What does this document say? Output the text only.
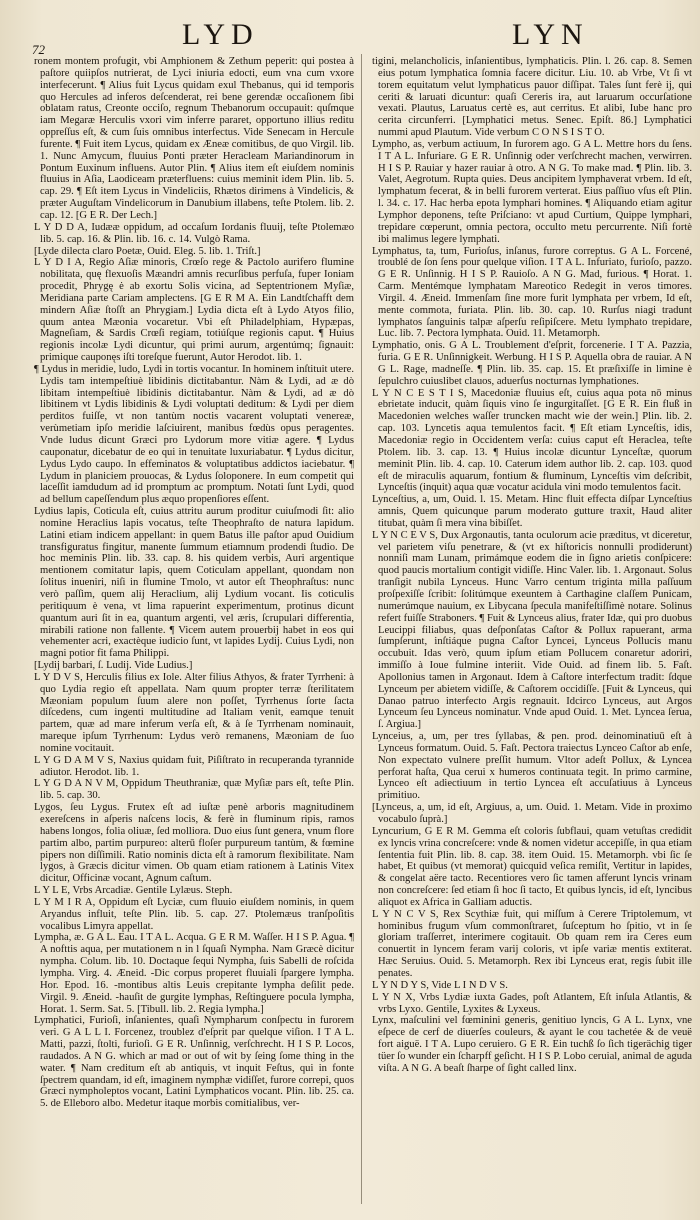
72	LYD	LYN

ronem montem profugit, vbi Amphionem & Zethum peperit: qui postea à paſtore quiipſos nutrierat, de Lyci iniuria edocti, eum vna cum vxore interfecerunt. ¶ Alius fuit Lycus quidam exul Thebanus, qui id temporis quo Hercules ad inferos deſcenderat, rei bene gerendæ occaſionem ſibi oblatam ratus, Creonte occiſo, regnum Thebanorum occupauit: quſmque iam Megaræ Herculis vxori vim inferre pararet, opportuno illius reditu oppreſſus eſt, & cum ſuis omnibus interfectus. Vide Senecam in Hercule furente. ¶ Fuit item Lycus, quidam ex Æneæ comitibus, de quo Virgil. lib. 1. Nunc Amycum, fluuius Ponti præter Heracleam Mariandinorum in Pontum Euxinum influens. Autor Plin. ¶ Alius item eſt eiuſdem nominis fluuius in Aſia, Laodiceam præterfluens: cuius meminit idem Plin. lib. 5. cap. 29. ¶ Eſt item Lycus in Vindeliciis, Rhætos dirimens à Vindelicis, & præter Auguſtam Vindelicorum in Danubium illabens, teſte Ptolem. lib. 2. cap. 12. [G E R. Der Lech.]

L Y D D A, Iudææ oppidum, ad occaſum Iordanis fluuij, teſte Ptolemæo lib. 5. cap. 16. & Plin. lib. 16. c. 14. Vulgò Rama.

[Lyde dilecta claro Poetæ, Ouid. Eleg. 5. lib. 1. Triſt.]

L Y D I A, Regio Aſiæ minoris, Crœſo rege & Pactolo aurifero flumine nobilitata, quę flexuoſis Mæandri amnis recurſibus perfuſa, fuper Ioniam procedit, Phrygę ė ab exortu Solis vicina, ad Septentrionem Myſiæ, Meridiana parte Cariam amplectens. [G E R M A. Ein Landtſchafft dem mindern Aſiæ ſtoſſt an Phrygiam.] Lydia dicta eſt à Lydo Atyos filio, quum antea Mæonia vocaretur. Vbi eſt Philadelphiam, Hypæpas, Magneſiam, & Sardis Crœſi regiam, totiúſque regionis caput. ¶ Huius regionis incolæ Lydi dicuntur, qui primi aurum, argentúmq; ſignauit: primique cauponęs iſti toreſque fuerunt, Autor Herodot. lib. 1.

¶ Lydus in meridie, ludo, Lydi in tortis vocantur. In hominem inſtituit utere. Lydis tam intempeſtiuè libidinis dictitabantur. Nàm & Lydi, ad æ dò libitam intempeſtiuè libidinis dictitabantur. Nàm & Lydi, ad æ dò libitinem vt Lydis libidinis & Lydi voluptati deditum: & Lydi per diem perditos fuiſſe, vt non tantùm noctis vacarent voluptati venereæ, verùmetiam ipſo meridie laſciuirent, manibus fœdùs opus peragentes. Vnde ludus dicunt Græci pro Lydorum more vitiæ agere. ¶ Lydus cauponatur, dicebatur de eo qui in tenuitate luxuriabatur. ¶ Lydus dicitur, Lydus Lydo caupo. In effeminatos & voluptatibus addictos iaciebatur. ¶ Lydum in planiciem prouocas, & Lydus ſoloponere. In eum competit qui laceſſit iamdudum ad id promptum ac promptum. Notati ſunt Lydi, quod ad bellum capeſſendum plus æquo propenſiores eſſent.

Lydius lapis, Coticula eſt, cuius attritu aurum proditur cuiuſmodi ſit: alio nomine Heraclius lapis vocatus, teſte Theophraſto de natura lapidum. Latini etiam indicem appellant: in quem Batus ille paſtor apud Ouidium transfiguratus fingitur, manente ſummum etiamnum prodendi ſtudio. De hoc meminis Plin. lib. 33. cap. 8. his quidem verbis, Auri argentique mentionem comitatur lapis, quem Coticulam appellant, quondam non ſolitus inueniri, niſi in flumine Tmolo, vt autor eſt Theophraſtus: nunc verò paſſim, quem alij Heraclium, alij Lydium vocant. Iis coticulis peritiquum è vena, vt lima rapuerint experimentum, protinus dicunt quantum auri ſit in ea, quantum argenti, vel æris, ſcrupulari differentia, mirabili ratione non fallente. ¶ Vicem autem prouerbij habet in eos qui vehementer acri, exactèque iudicio ſunt, vt lapides Lydij. Cuius Lydi, non magni potior fit fama Philippi.

[Lydij barbari, ſ. Ludij. Vide Ludius.]

L Y D V S, Herculis filius ex Iole. Alter filius Athyos, & frater Tyrrheni: à quo Lydia regio eſt appellata. Nam quum propter terræ ſterilitatem Mæoniam populum ſuum alere non poſſet, Tyrrhenus ſorte ſacta diſcedens, cum ingenti multitudine ad Italiam venit, eamque tenuit partem, quæ ad mare inferum verſa eſt, & à ſe Tyrrhenam nominauit, mareque ipſum Tyrrhenum: Lydus verò remanens, Mæoniam de ſuo nomine vocitauit.

L Y G D A M V S, Naxius quidam fuit, Piſiſtrato in recuperanda tyrannide adiutor. Herodot. lib. 1.

L Y G D A N V M, Oppidum Theuthraniæ, quæ Myſiæ pars eſt, teſte Plin. lib. 5. cap. 30.

Lygos, ſeu Lygus. Frutex eſt ad iuſtæ penè arboris magnitudinem exereſcens in aſperis naſcens locis, & ferè in fluminum ripis, ramos habens longos, folia oliuæ, ſed molliora. Duo eius ſunt genera, vnum flore partim albo, partim purpureo: alterū floſer purpureum tantùm, & fœmine pipers non diſſimili. Ratio nominis dicta eſt à ramorum flexibilitate. Nam lygos, à Græcis dicitur vimen. Ob quam etiam rationem à Latinis Vitex dicitur, Officinæ vocant, Agnum caſtum.

L Y L E, Vrbs Arcadiæ. Gentile Lylæus. Steph.

L Y M I R A, Oppidum eſt Lyciæ, cum fluuio eiuſdem nominis, in quem Aryandus influit, teſte Plin. lib. 5. cap. 27. Ptolemæus tranſpoſitis vocalibus Limyra appellat.

Lympha, æ. G A L. Eau. I T A L. Acqua. G E R M. Waſſer. H I S P. Agua. ¶ A nofttis aqua, per mutationem n in l ſquaſi Nympha. Nam Græcè dicitur nympha. Colum. lib. 10. Doctaque ſequi Nympha, ſuis Sabelli de roſcida lympha. Virg. 4. Æneid. -Dic corpus properet fluuiali ſpargere lympha. Hor. Epod. 16. -montibus altis Leuis crepitante lympha deſilit pede. Virgil. 9. Æneid. -hauſit de gurgite lymphas, Reſtinguere pocula lympha, Horat. 1. Serm. Sat. 5. [Tibull. lib. 2. Regia lympha.]

Lymphatici, Furioſi, inſanientes, quaſi Nympharum conſpectu in furorem veri. G A L L I. Forcenez, troublez d'eſprit par quelque viſion. I T A L. Matti, pazzi, ſtolti, furioſi. G E R. Unſinnig, verſchrecht. H I S P. Locos, raudados. A N G. which ar mad or out of wit by ſeing ſome thing in the water. ¶ Nam creditum eſt ab antiquis, vt inquit Feſtus, qui in fonte ſpectrem quandam, id eſt, imaginem nymphæ vidiſſet, furore correpi, quos Græci nympholeptos vocant, Latini Lymphaticos vocant. Plin. lib. 25. ca. 5. de Elleboro albo. Medetur itaque morbis comitialibus, ver-

tigini, melancholicis, inſanientibus, lymphaticis. Plin. l. 26. cap. 8. Semen eius potum lymphatica ſomnia facere dicitur. Liu. 10. ab Vrbe, Vt ſi vt torem equitatum velut lymphaticus pauor diſſipat. Tales ſunt ferè ij, qui ceriti & laruati dicuntur: quaſi Cereris ira, aut laruarum occurſatione vexati. Plautus, Laruatus certè es, aut cerritus. Et alibi, Iube hanc pro cerita circunferri. [Lymphatici metus. Senec. Epiſt. 86.] Lymphatici nummi apud Plautum. Vide verbum C O N S I S T O.

Lympho, as, verbum actiuum, In furorem ago. G A L. Mettre hors du ſens. I T A L. Infuriare. G E R. Unſinnig oder verſchrecht machen, verwirren. H I S P. Rauiar y hazer rauiar à otro. A N G. To make mad. ¶ Plin. lib. 3. Valet, Aegrotum. Rupta quies. Deus ancipitem lymphaverat vrbem. Id eſt, lymphatum fecerat, & in belli furorem verterat. Eius paſſiuo vſus eſt Plin. l. 34. c. 17. Hac herba epota lymphari homines. ¶ Aliquando etiam agitur Lymphor deponens, teſte Priſciano: vt apud Curtium, Quippe lymphari, trepidare cœperunt, omnia pectora, occulto metu percurrente. Niſi fortè ibi malimus legere lymphati.

Lymphatus, ta, tum, Furioſus, inſanus, furore correptus. G A L. Forcené, troublé de ſon ſens pour quelque viſion. I T A L. Infuriato, furioſo, pazzo. G E R. Unſinnig. H I S P. Rauioſo. A N G. Mad, furious. ¶ Horat. 1. Carm. Mentémque lymphatam Mareotico Redegit in veros timores. Virgil. 4. Æneid. Immenſam ſine more furit lymphata per vrbem, Id eſt, mente commota, furiata. Plin. lib. 30. cap. 10. Rurſus niagi tradunt lymphatos ſanguinis talpæ aſperſu reſipiſcere. Metu lymphato trepidare, Luc. lib. 7. Pectora lymphata. Ouid. 11. Metamorph.

Lymphatio, onis. G A L. Troublement d'eſprit, forcenerie. I T A. Pazzia, furia. G E R. Unſinnigkeit. Werbung. H I S P. Aquella obra de rauiar. A N G L. Rage, madneſſe. ¶ Plin. lib. 35. cap. 15. Et præſixiſſe in limine è ſepulchro cuiuslibet clauos, aduerſus nocturnas lymphationes.

L Y N C E S T I S, Macedoniæ fluuius eſt, cuius aqua pota nō minus ebrietate inducit, quàm ſiquis vino ſe ingurgitaſſet. [G E R. Ein fluß in Macedonien welches waſſer truncken macht wie der wein.] Plin. lib. 2. cap. 103. Lyncetis aqua temulentos facit. ¶ Eſt etiam Lynceſtis, idis, Macedoniæ regio in Occidentem verſa: cuius caput eſt Heraclea, teſte Ptolem. lib. 3. cap. 13. ¶ Huius incolæ dicuntur Lynceſtæ, quorum meminit Plin. lib. 4. cap. 10. Caterum idem author lib. 2. cap. 103. quod eſt de miraculis aquarum, fontium & fluminum, Lynceſtis vim deſcribit, Lynceſtis (inquit) aqua quæ vocatur acidula vini modo temulentos facit.

Lynceſtius, a, um, Ouid. l. 15. Metam. Hinc fluit effecta diſpar Lynceſtius amnis, Quem quicunque parum moderato gutture traxit, Haud aliter titubat, quàm ſi mera vina bibiſſet.

L Y N C E V S, Dux Argonautis, tanta oculorum acie præditus, vt diceretur, vel parietem viſu penetrare, & (vt ex hiſtoricis nonnulli prodiderunt) nonniſi mam Lunam, primámque eodem die in ſigno arietis conſpicere: quod paucis mortalium contigit vidiſſe. Hinc Valer. lib. 1. Argonaut. Solus tranſigit nubila Lynceus. Hunc Varro centum triginta milla paſſuum proſpexiſſe ſcribit: ſolitúmque exeuntem à Carthagine claſſem Punicam, numerúmque nauium, ex Libycana ſpecula manifeſtiſſimè notare. Solinus refert fuiſſe Straboners. ¶ Fuit & Lynceus alius, frater Idæ, qui pro duobus Leucippi filiabus, quas deſponſatas Caſtor & Pollux rapuerant, arma ſumpſerunt, inſtiáque pugna Caſtor Lyncei, Lynceus Pollucis manu occubuit. Idas verò, quum ipſum etiam Pollucem conaretur adoriri, immiſſo à Ioue fulmine interiit. Vide Ouid. ad finem lib. 5. Faſt. Apollonius tamen in Argonaut. Idem à Caſtore interfectum tradit: ſdque Lynceum per abietem vidiſſe, & Caſtorem occidiſſe. [Fuit & Lynceus, qui Danao patruo interfecto Argis regnauit. Idcirco Lynceus, aut Argos Lynceum ſeu Lynceus nominatur. Vnde apud Ouid. 1. Met. Lyncea ſerua, ſ. Argiua.]

Lynceius, a, um, per tres ſyllabas, & pen. prod. deinominatiuū eſt à Lynceus formatum. Ouid. 5. Faſt. Pectora traiectus Lynceo Caſtor ab enſe, Non expectato vulnere preſſit humum. Vltor adeſt Pollux, & Lyncea perforat haſta, Qua cerui x humeros continuata tegit. In primo carmine, Lynceo eſt adiectiuum in tertio Lyncea eſt accuſatiuus à Lynceus primitiuo.

[Lynceus, a, um, id eſt, Argiuus, a, um. Ouid. 1. Metam. Vide in proximo vocabulo ſuprà.]

Lyncurium, G E R M. Gemma eſt coloris ſubflaui, quam vetuſtas credidit ex lyncis vrina concreſcere: vnde & nomen videtur accepiſſe, in qua etiam ſententia fuit Plin. lib. 8. cap. 38. item Ouid. 15. Metamorph. vbi ſic ſe habet, Et quibus (vt memorat) quicquid veſica remiſit, Vertitur in lapides, & congelat aëre tacto. Recentiores vero ſic tamen afferunt lyncis vrinam non concreſcere: ſed etiam ſi hoc ſi tacto, Et quibus lyncis, id eſt, lyncibus aliquot ex Africa in Galliam aductis.

L Y N C V S, Rex Scythiæ fuit, qui miſſum à Cerere Triptolemum, vt hominibus frugum vſum commonſtraret, ſuſceptum ho ſpitio, vt in ſe gloriam traſſerret, interimere cogitauit. Ob quam rem ira Ceres eum conuertit in lyncem feram varij coloris, vt ipſe variæ mentis extiterat. Hæc Seruius. Ouid. 5. Metamorph. Rex ibi Lynceus erat, regis ſubit ille penates.

L Y N D Y S, Vide L I N D V S.

L Y N X, Vrbs Lydiæ iuxta Gades, poſt Atlantem, Eſt inſula Atlantis, & vrbs Lyxo. Gentile, Lyxites & Lyxeus.

Lynx, maſculini vel fœminini generis, genitiuo lyncis, G A L. Lynx, vne eſpece de cerf de diuerſes couleurs, & ayant le cou tachetée & de veuë fort aiguë. I T A. Lupo ceruiero. G E R. Ein tuchß ſo ſich tigerächig tiger tüer ſo wunder ein ſcharpff geſicht. H I S P. Lobo ceruial, animal de aguda viſta. A N G. A beaſt ſharpe of ſight called linx.
